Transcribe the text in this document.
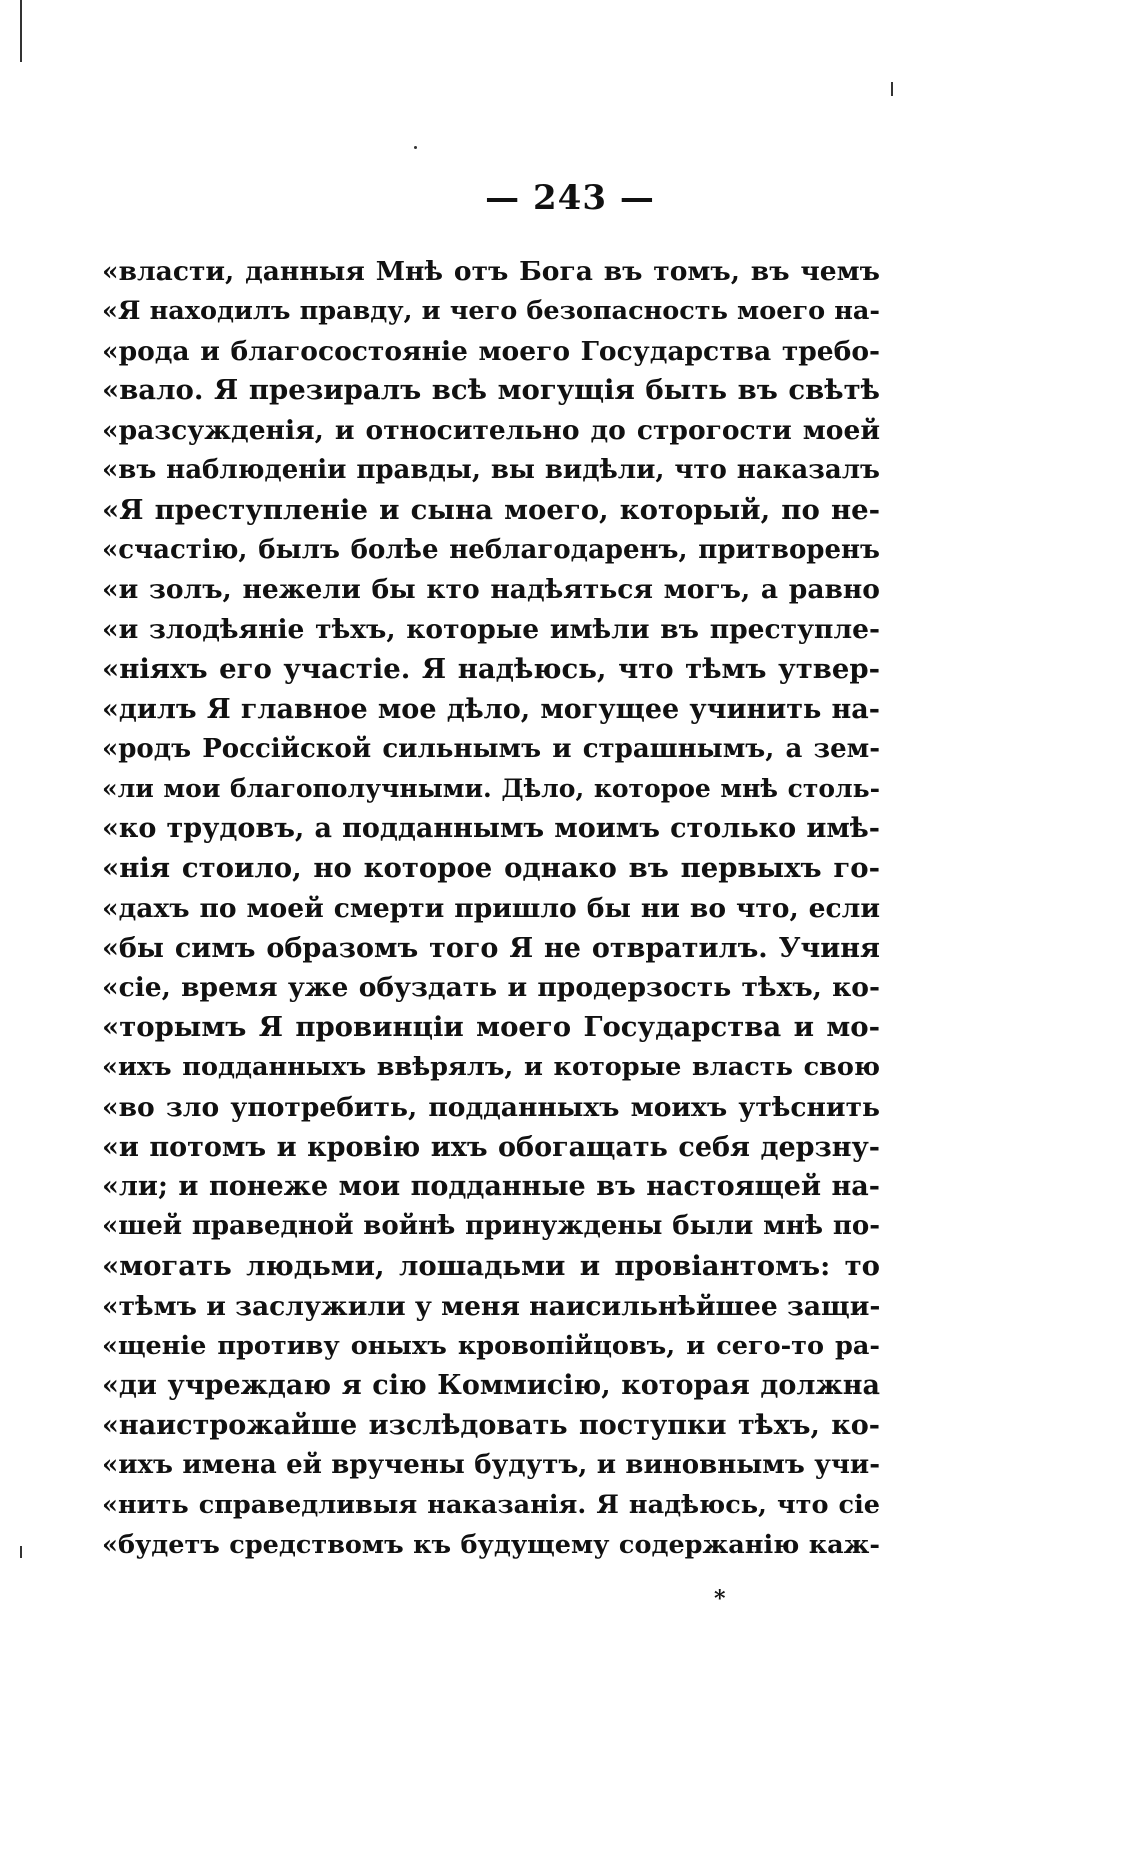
— 243 —
«власти, данныя Мнѣ отъ Бога въ томъ, въ чемъ
«Я находилъ правду, и чего безопасность моего на-
«рода и благосостояніе моего Государства требо-
«вало. Я презиралъ всѣ могущія быть въ свѣтѣ
«разсужденія, и относительно до строгости моей
«въ наблюденіи правды, вы видѣли, что наказалъ
«Я преступленіе и сына моего, который, по не-
«счастію, былъ болѣе неблагодаренъ, притворенъ
«и золъ, нежели бы кто надѣяться могъ, а равно
«и злодѣяніе тѣхъ, которые имѣли въ преступле-
«ніяхъ его участіе. Я надѣюсь, что тѣмъ утвер-
«дилъ Я главное мое дѣло, могущее учинить на-
«родъ Россійской сильнымъ и страшнымъ, а зем-
«ли мои благополучными. Дѣло, которое мнѣ столь-
«ко трудовъ, а подданнымъ моимъ столько имѣ-
«нія стоило, но которое однако въ первыхъ го-
«дахъ по моей смерти пришло бы ни во что, если
«бы симъ образомъ того Я не отвратилъ. Учиня
«сіе, время уже обуздать и продерзость тѣхъ, ко-
«торымъ Я провинціи моего Государства и мо-
«ихъ подданныхъ ввѣрялъ, и которые власть свою
«во зло употребить, подданныхъ моихъ утѣснить
«и потомъ и кровію ихъ обогащать себя дерзну-
«ли; и понеже мои подданные въ настоящей на-
«шей праведной войнѣ принуждены были мнѣ по-
«могать людьми, лошадьми и провіантомъ: то
«тѣмъ и заслужили у меня наисильнѣйшее защи-
«щеніе противу оныхъ кровопійцовъ, и сего-то ра-
«ди учреждаю я сію Коммисію, которая должна
«наистрожайше изслѣдовать поступки тѣхъ, ко-
«ихъ имена ей вручены будутъ, и виновнымъ учи-
«нить справедливыя наказанія. Я надѣюсь, что сіе
«будетъ средствомъ къ будущему содержанію каж-
*
